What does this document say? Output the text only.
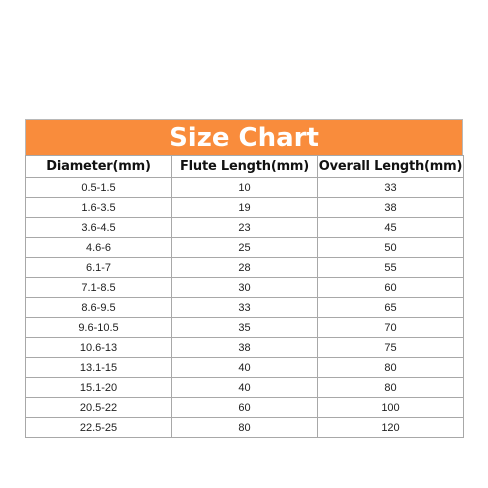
Size Chart
Diameter(mm)	Flute Length(mm)	Overall Length(mm)
0.5-1.5	10	33
1.6-3.5	19	38
3.6-4.5	23	45
4.6-6	25	50
6.1-7	28	55
7.1-8.5	30	60
8.6-9.5	33	65
9.6-10.5	35	70
10.6-13	38	75
13.1-15	40	80
15.1-20	40	80
20.5-22	60	100
22.5-25	80	120
